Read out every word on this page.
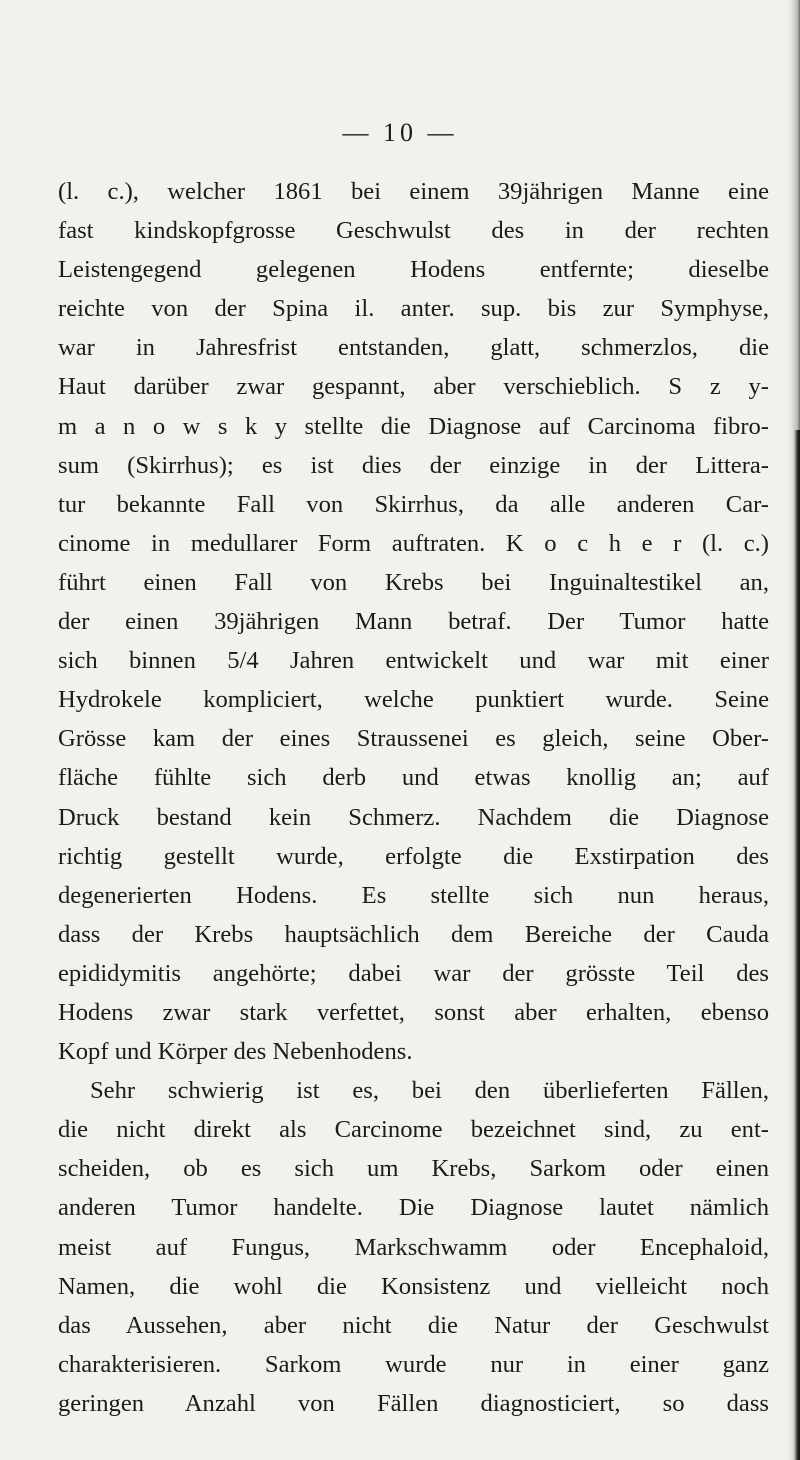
— 10 —
(l. c.), welcher 1861 bei einem 39jährigen Manne eine
fast kindskopfgrosse Geschwulst des in der rechten
Leistengegend gelegenen Hodens entfernte; dieselbe
reichte von der Spina il. anter. sup. bis zur Symphyse,
war in Jahresfrist entstanden, glatt, schmerzlos, die
Haut darüber zwar gespannt, aber verschieblich. S z y-
m a n o w s k y stellte die Diagnose auf Carcinoma fibro-
sum (Skirrhus); es ist dies der einzige in der Littera-
tur bekannte Fall von Skirrhus, da alle anderen Car-
cinome in medullarer Form auftraten. K o c h e r (l. c.)
führt einen Fall von Krebs bei Inguinaltestikel an,
der einen 39jährigen Mann betraf. Der Tumor hatte
sich binnen 5/4 Jahren entwickelt und war mit einer
Hydrokele kompliciert, welche punktiert wurde. Seine
Grösse kam der eines Straussenei es gleich, seine Ober-
fläche fühlte sich derb und etwas knollig an; auf
Druck bestand kein Schmerz. Nachdem die Diagnose
richtig gestellt wurde, erfolgte die Exstirpation des
degenerierten Hodens. Es stellte sich nun heraus,
dass der Krebs hauptsächlich dem Bereiche der Cauda
epididymitis angehörte; dabei war der grösste Teil des
Hodens zwar stark verfettet, sonst aber erhalten, ebenso
Kopf und Körper des Nebenhodens.
Sehr schwierig ist es, bei den überlieferten Fällen,
die nicht direkt als Carcinome bezeichnet sind, zu ent-
scheiden, ob es sich um Krebs, Sarkom oder einen
anderen Tumor handelte. Die Diagnose lautet nämlich
meist auf Fungus, Markschwamm oder Encephaloid,
Namen, die wohl die Konsistenz und vielleicht noch
das Aussehen, aber nicht die Natur der Geschwulst
charakterisieren. Sarkom wurde nur in einer ganz
geringen Anzahl von Fällen diagnosticiert, so dass
